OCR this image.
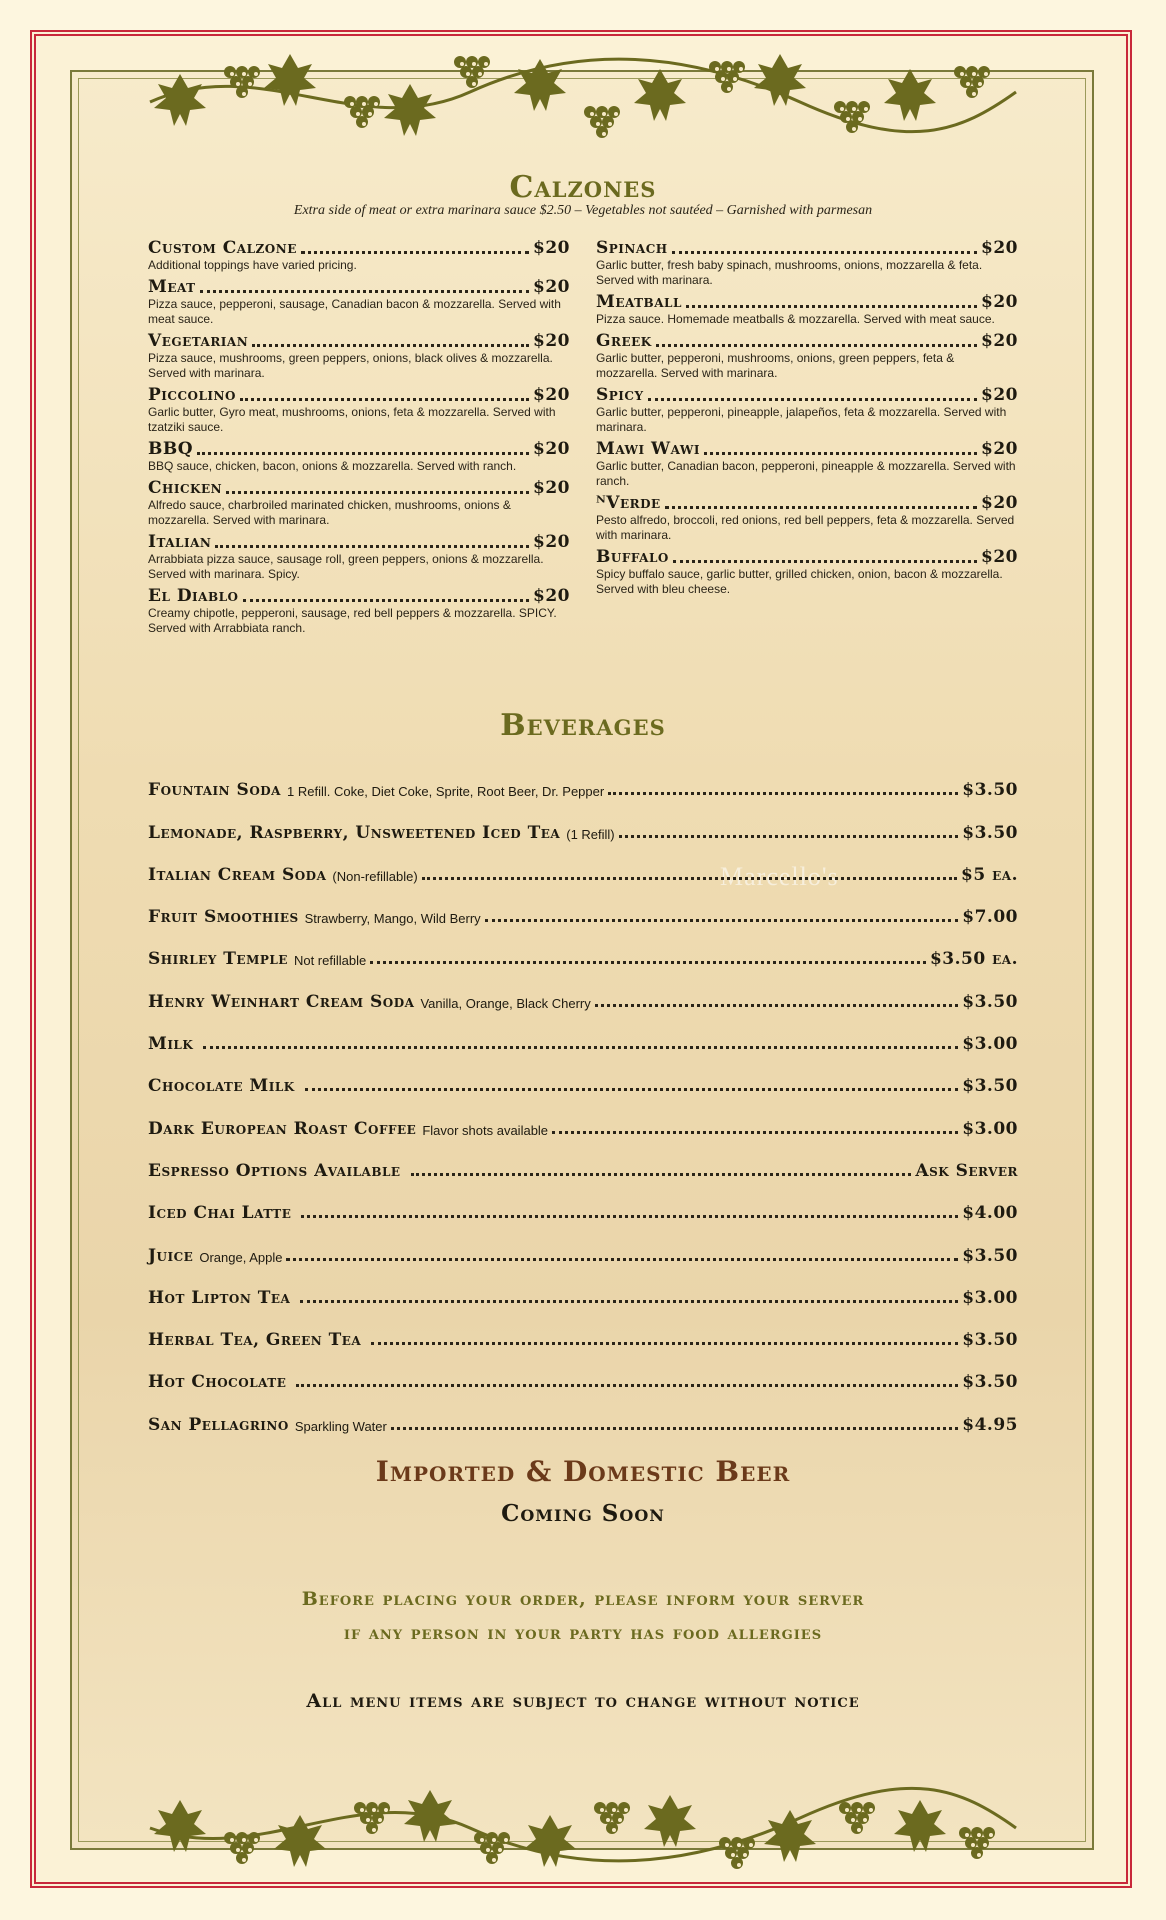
Marcello's
Calzones
Extra side of meat or extra marinara sauce $2.50 – Vegetables not sautéed – Garnished with parmesan
Custom Calzone	$20
Additional toppings have varied pricing.
Meat	$20
Pizza sauce, pepperoni, sausage, Canadian bacon & mozzarella. Served with meat sauce.
Vegetarian	$20
Pizza sauce, mushrooms, green peppers, onions, black olives & mozzarella. Served with marinara.
Piccolino	$20
Garlic butter, Gyro meat, mushrooms, onions, feta & mozzarella. Served with tzatziki sauce.
BBQ	$20
BBQ sauce, chicken, bacon, onions & mozzarella. Served with ranch.
Chicken	$20
Alfredo sauce, charbroiled marinated chicken, mushrooms, onions & mozzarella. Served with marinara.
Italian	$20
Arrabbiata pizza sauce, sausage roll, green peppers, onions & mozzarella. Served with marinara. Spicy.
El Diablo	$20
Creamy chipotle, pepperoni, sausage, red bell peppers & mozzarella. SPICY. Served with Arrabbiata ranch.
Spinach	$20
Garlic butter, fresh baby spinach, mushrooms, onions, mozzarella & feta. Served with marinara.
Meatball	$20
Pizza sauce. Homemade meatballs & mozzarella. Served with meat sauce.
Greek	$20
Garlic butter, pepperoni, mushrooms, onions, green peppers, feta & mozzarella. Served with marinara.
Spicy	$20
Garlic butter, pepperoni, pineapple, jalapeños, feta & mozzarella. Served with marinara.
Mawi Wawi	$20
Garlic butter, Canadian bacon, pepperoni, pineapple & mozzarella. Served with ranch.
ᴺVerde	$20
Pesto alfredo, broccoli, red onions, red bell peppers, feta & mozzarella. Served with marinara.
Buffalo	$20
Spicy buffalo sauce, garlic butter, grilled chicken, onion, bacon & mozzarella. Served with bleu cheese.
Beverages
Fountain Soda 1 Refill. Coke, Diet Coke, Sprite, Root Beer, Dr. Pepper	$3.50
Lemonade, Raspberry, Unsweetened Iced Tea (1 Refill)	$3.50
Italian Cream Soda (Non-refillable)	$5 ea.
Fruit Smoothies Strawberry, Mango, Wild Berry	$7.00
Shirley Temple Not refillable	$3.50 ea.
Henry Weinhart Cream Soda Vanilla, Orange, Black Cherry	$3.50
Milk	$3.00
Chocolate Milk	$3.50
Dark European Roast Coffee Flavor shots available	$3.00
Espresso Options Available	Ask Server
Iced Chai Latte	$4.00
Juice Orange, Apple	$3.50
Hot Lipton Tea	$3.00
Herbal Tea, Green Tea	$3.50
Hot Chocolate	$3.50
San Pellagrino Sparkling Water	$4.95
Imported & Domestic Beer
Coming Soon
Before placing your order, please inform your server
if any person in your party has food allergies
All menu items are subject to change without notice
